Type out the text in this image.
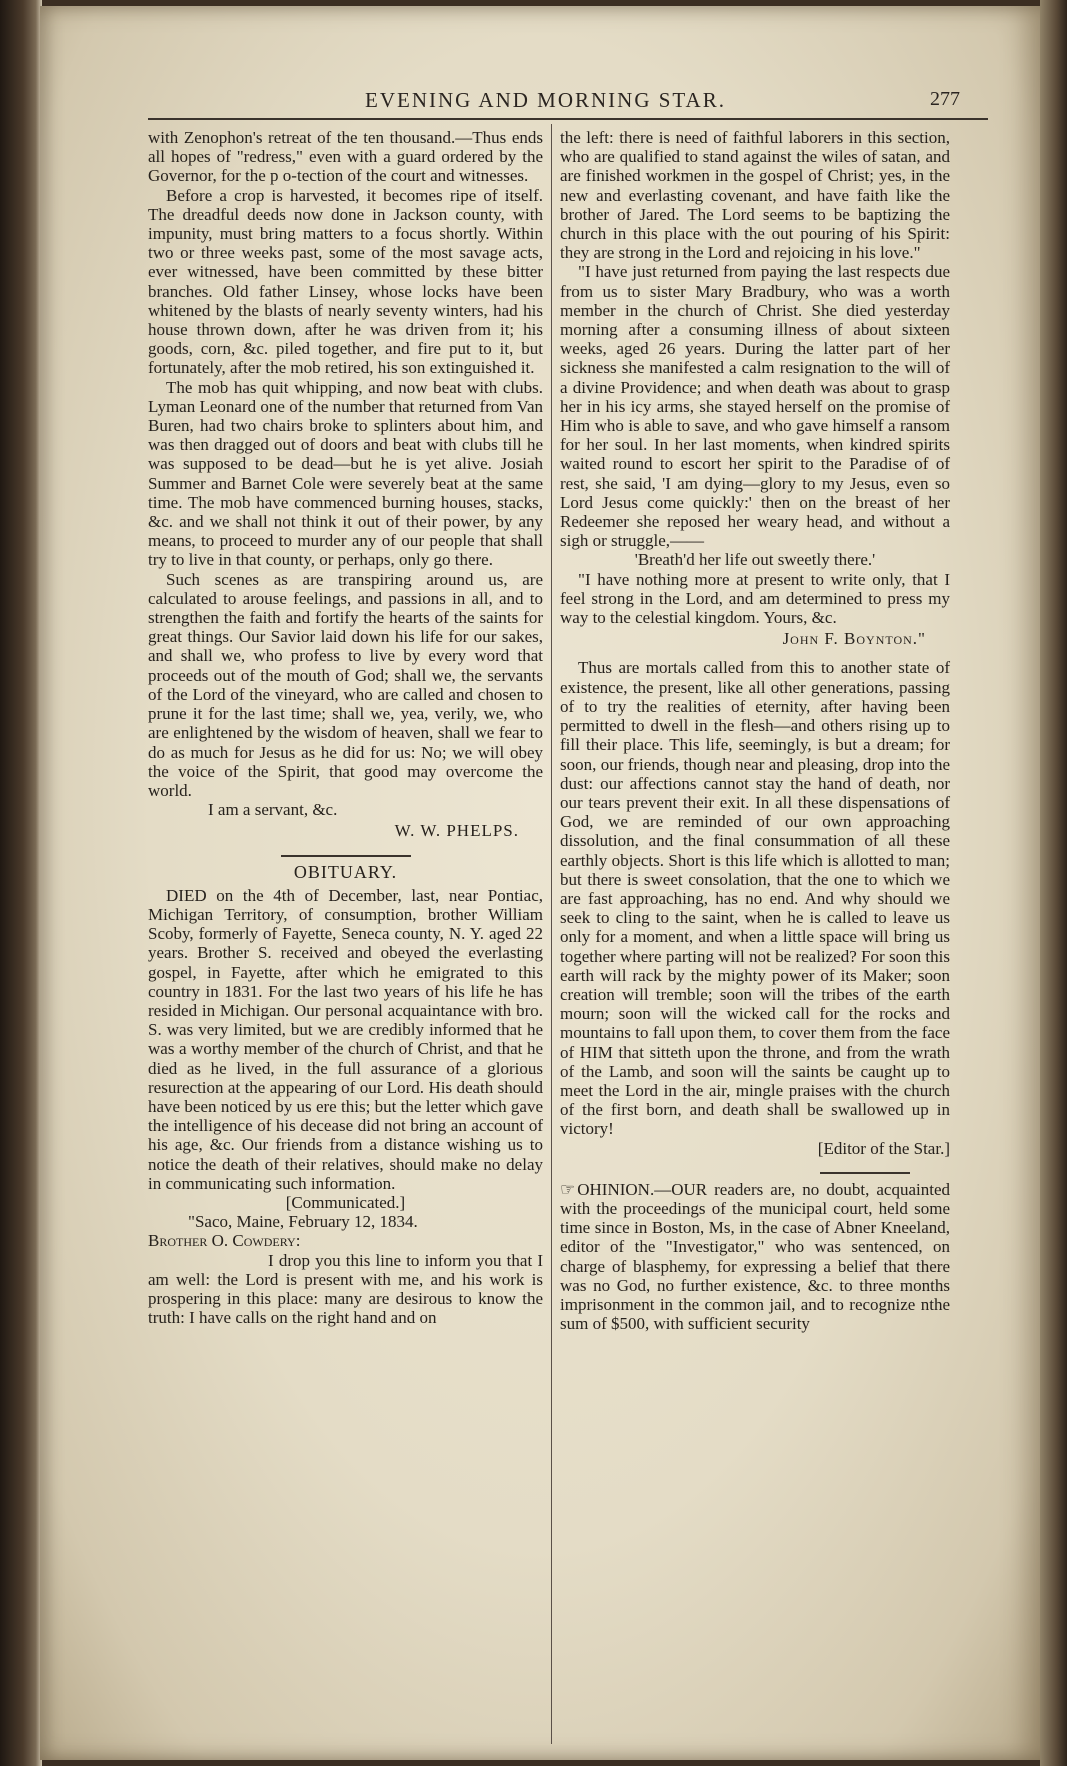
EVENING AND MORNING STAR.	277

with Zenophon's retreat of the ten thousand.—Thus ends all hopes of "redress," even with a guard ordered by the Governor, for the p o-tection of the court and witnesses.

Before a crop is harvested, it becomes ripe of itself. The dreadful deeds now done in Jackson county, with impunity, must bring matters to a focus shortly. Within two or three weeks past, some of the most savage acts, ever witnessed, have been committed by these bitter branches. Old father Linsey, whose locks have been whitened by the blasts of nearly seventy winters, had his house thrown down, after he was driven from it; his goods, corn, &c. piled together, and fire put to it, but fortunately, after the mob retired, his son extinguished it.

The mob has quit whipping, and now beat with clubs. Lyman Leonard one of the number that returned from Van Buren, had two chairs broke to splinters about him, and was then dragged out of doors and beat with clubs till he was supposed to be dead—but he is yet alive. Josiah Summer and Barnet Cole were severely beat at the same time. The mob have commenced burning houses, stacks, &c. and we shall not think it out of their power, by any means, to proceed to murder any of our people that shall try to live in that county, or perhaps, only go there.

Such scenes as are transpiring around us, are calculated to arouse feelings, and passions in all, and to strengthen the faith and fortify the hearts of the saints for great things. Our Savior laid down his life for our sakes, and shall we, who profess to live by every word that proceeds out of the mouth of God; shall we, the servants of the Lord of the vineyard, who are called and chosen to prune it for the last time; shall we, yea, verily, we, who are enlightened by the wisdom of heaven, shall we fear to do as much for Jesus as he did for us: No; we will obey the voice of the Spirit, that good may overcome the world.

I am a servant, &c.

W. W. PHELPS.
OBITUARY.

DIED on the 4th of December, last, near Pontiac, Michigan Territory, of consumption, brother William Scoby, formerly of Fayette, Seneca county, N. Y. aged 22 years. Brother S. received and obeyed the everlasting gospel, in Fayette, after which he emigrated to this country in 1831. For the last two years of his life he has resided in Michigan. Our personal acquaintance with bro. S. was very limited, but we are credibly informed that he was a worthy member of the church of Christ, and that he died as he lived, in the full assurance of a glorious resurection at the appearing of our Lord. His death should have been noticed by us ere this; but the letter which gave the intelligence of his decease did not bring an account of his age, &c. Our friends from a distance wishing us to notice the death of their relatives, should make no delay in communicating such information.

[Communicated.]

"Saco, Maine, February 12, 1834.

Brother O. Cowdery:

I drop you this line to inform you that I am well: the Lord is present with me, and his work is prospering in this place: many are desirous to know the truth: I have calls on the right hand and on

the left: there is need of faithful laborers in this section, who are qualified to stand against the wiles of satan, and are finished workmen in the gospel of Christ; yes, in the new and everlasting covenant, and have faith like the brother of Jared. The Lord seems to be baptizing the church in this place with the out pouring of his Spirit: they are strong in the Lord and rejoicing in his love."

"I have just returned from paying the last respects due from us to sister Mary Bradbury, who was a worth member in the church of Christ. She died yesterday morning after a consuming illness of about sixteen weeks, aged 26 years. During the latter part of her sickness she manifested a calm resignation to the will of a divine Providence; and when death was about to grasp her in his icy arms, she stayed herself on the promise of Him who is able to save, and who gave himself a ransom for her soul. In her last moments, when kindred spirits waited round to escort her spirit to the Paradise of of rest, she said, 'I am dying—glory to my Jesus, even so Lord Jesus come quickly:' then on the breast of her Redeemer she reposed her weary head, and without a sigh or struggle,——

'Breath'd her life out sweetly there.'

"I have nothing more at present to write only, that I feel strong in the Lord, and am determined to press my way to the celestial kingdom. Yours, &c.

John F. Boynton."

Thus are mortals called from this to another state of existence, the present, like all other generations, passing of to try the realities of eternity, after having been permitted to dwell in the flesh—and others rising up to fill their place. This life, seemingly, is but a dream; for soon, our friends, though near and pleasing, drop into the dust: our affections cannot stay the hand of death, nor our tears prevent their exit. In all these dispensations of God, we are reminded of our own approaching dissolution, and the final consummation of all these earthly objects. Short is this life which is allotted to man; but there is sweet consolation, that the one to which we are fast approaching, has no end. And why should we seek to cling to the saint, when he is called to leave us only for a moment, and when a little space will bring us together where parting will not be realized? For soon this earth will rack by the mighty power of its Maker; soon creation will tremble; soon will the tribes of the earth mourn; soon will the wicked call for the rocks and mountains to fall upon them, to cover them from the face of HIM that sitteth upon the throne, and from the wrath of the Lamb, and soon will the saints be caught up to meet the Lord in the air, mingle praises with the church of the first born, and death shall be swallowed up in victory!

[Editor of the Star.]

☞ OHINION.—OUR readers are, no doubt, acquainted with the proceedings of the municipal court, held some time since in Boston, Ms, in the case of Abner Kneeland, editor of the "Investigator," who was sentenced, on charge of blasphemy, for expressing a belief that there was no God, no further existence, &c. to three months imprisonment in the common jail, and to recognize nthe sum of $500, with sufficient security
